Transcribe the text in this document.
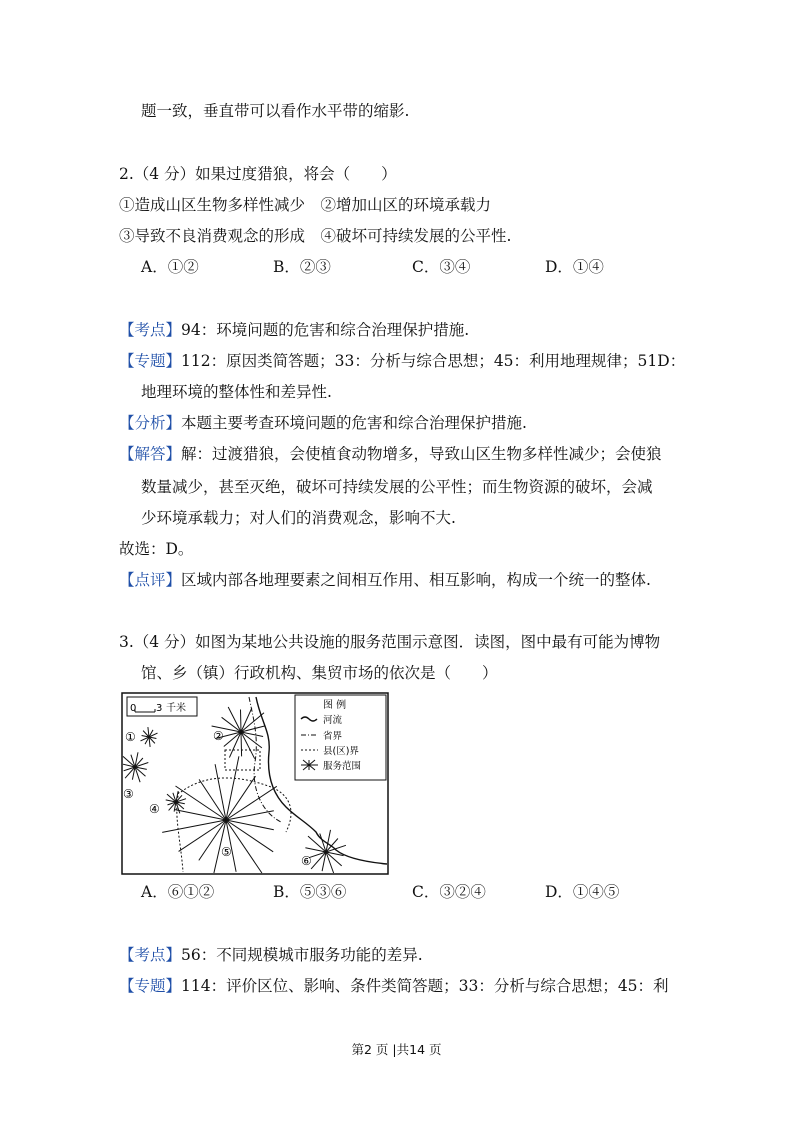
题一致，垂直带可以看作水平带的缩影.
2.（4 分）如果过度猎狼，将会（　　）
①造成山区生物多样性减少　②增加山区的环境承载力
③导致不良消费观念的形成　④破坏可持续发展的公平性.
A．①②	B．②③	C．③④	D．①④
【考点】94：环境问题的危害和综合治理保护措施.
【专题】112：原因类简答题；33：分析与综合思想；45：利用地理规律；51D：
地理环境的整体性和差异性.
【分析】本题主要考查环境问题的危害和综合治理保护措施.
【解答】解：过渡猎狼，会使植食动物增多，导致山区生物多样性减少；会使狼
数量减少，甚至灭绝，破坏可持续发展的公平性；而生物资源的破坏，会减
少环境承载力；对人们的消费观念，影响不大.
故选：D。
【点评】区域内部各地理要素之间相互作用、相互影响，构成一个统一的整体.
3.（4 分）如图为某地公共设施的服务范围示意图．读图，图中最有可能为博物
馆、乡（镇）行政机构、集贸市场的依次是（　　）
0 3 千米	图 例
河流
省界
县(区)界
服务范围
①	②
③
④
⑤
⑥
A．⑥①②	B．⑤③⑥	C．③②④	D．①④⑤
【考点】56：不同规模城市服务功能的差异.
【专题】114：评价区位、影响、条件类简答题；33：分析与综合思想；45：利
第2 页 |共14 页
